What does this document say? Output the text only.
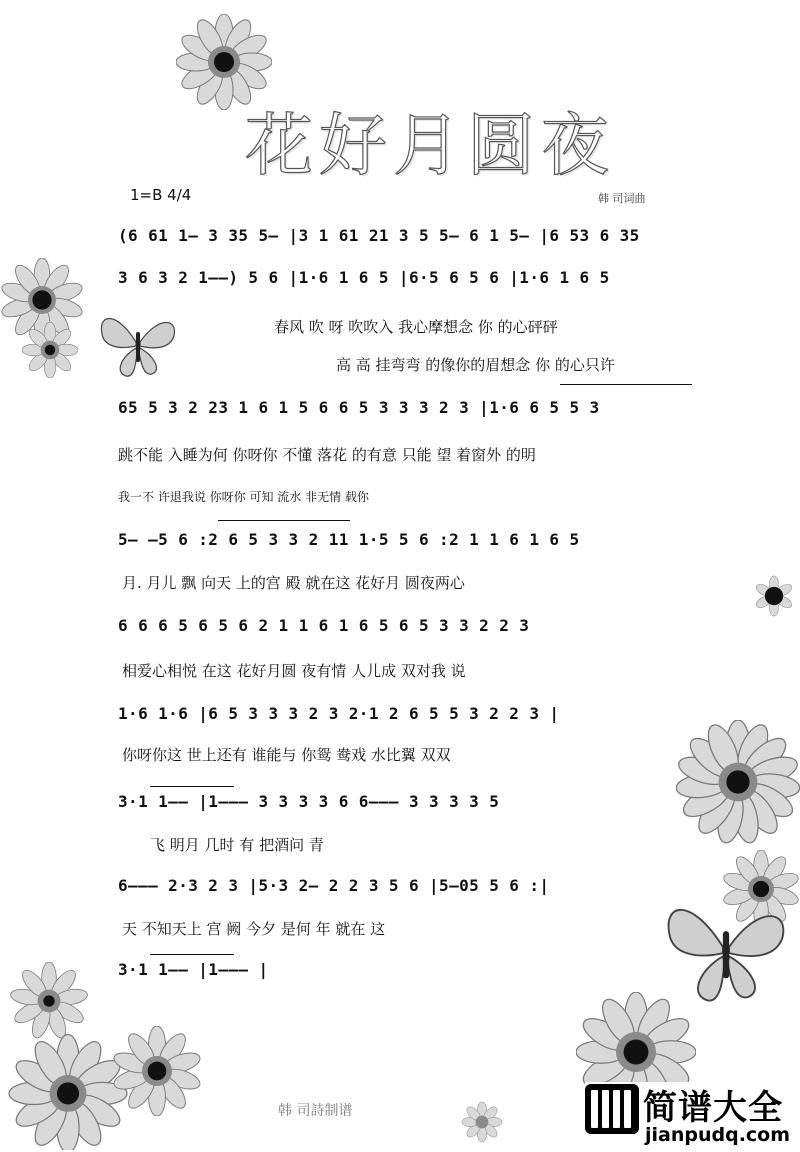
花好月圆夜
1=B 4/4	韩 司词曲
(6 61 1— 3 35 5— |3 1 61 21 3 5 5— 6 1 5— |6 53 6 35
3 6 3 2 1——) 5 6 |1·6 1 6 5 |6·5 6 5 6 |1·6 1 6 5
春风 吹 呀 吹吹入 我心摩想念 你 的心砰砰
高 高 挂弯弯 的像你的眉想念 你 的心只许
65 5 3 2 23 1 6 1 5 6 6 5 3 3 3 2 3 |1·6 6 5 5 3
跳不能 入睡为何 你呀你 不懂 落花 的有意 只能 望 着窗外 的明
我一不 许退我说 你呀你 可知 流水 非无情 载你
5— —5 6 :2 6 5 3 3 2 11 1·5 5 6 :2 1 1 6 1 6 5
月. 月儿 飘 向天 上的宫 殿 就在这 花好月 圆夜两心
6 6 6 5 6 5 6 2 1 1 6 1 6 5 6 5 3 3 2 2 3
相爱心相悦 在这 花好月圆 夜有情 人儿成 双对我 说
1·6 1·6 |6 5 3 3 3 2 3 2·1 2 6 5 5 3 2 2 3 |
你呀你这 世上还有 谁能与 你鸳 鸯戏 水比翼 双双
3·1 1—— |1——— 3 3 3 3 6 6——— 3 3 3 3 5
飞 明月 几时 有 把酒问 青
6——— 2·3 2 3 |5·3 2— 2 2 3 5 6 |5—05 5 6 :|
天 不知天上 宫 阙 今夕 是何 年 就在 这
3·1 1—— |1——— |
韩 司詩制谱	简谱大全
jianpudq.com
